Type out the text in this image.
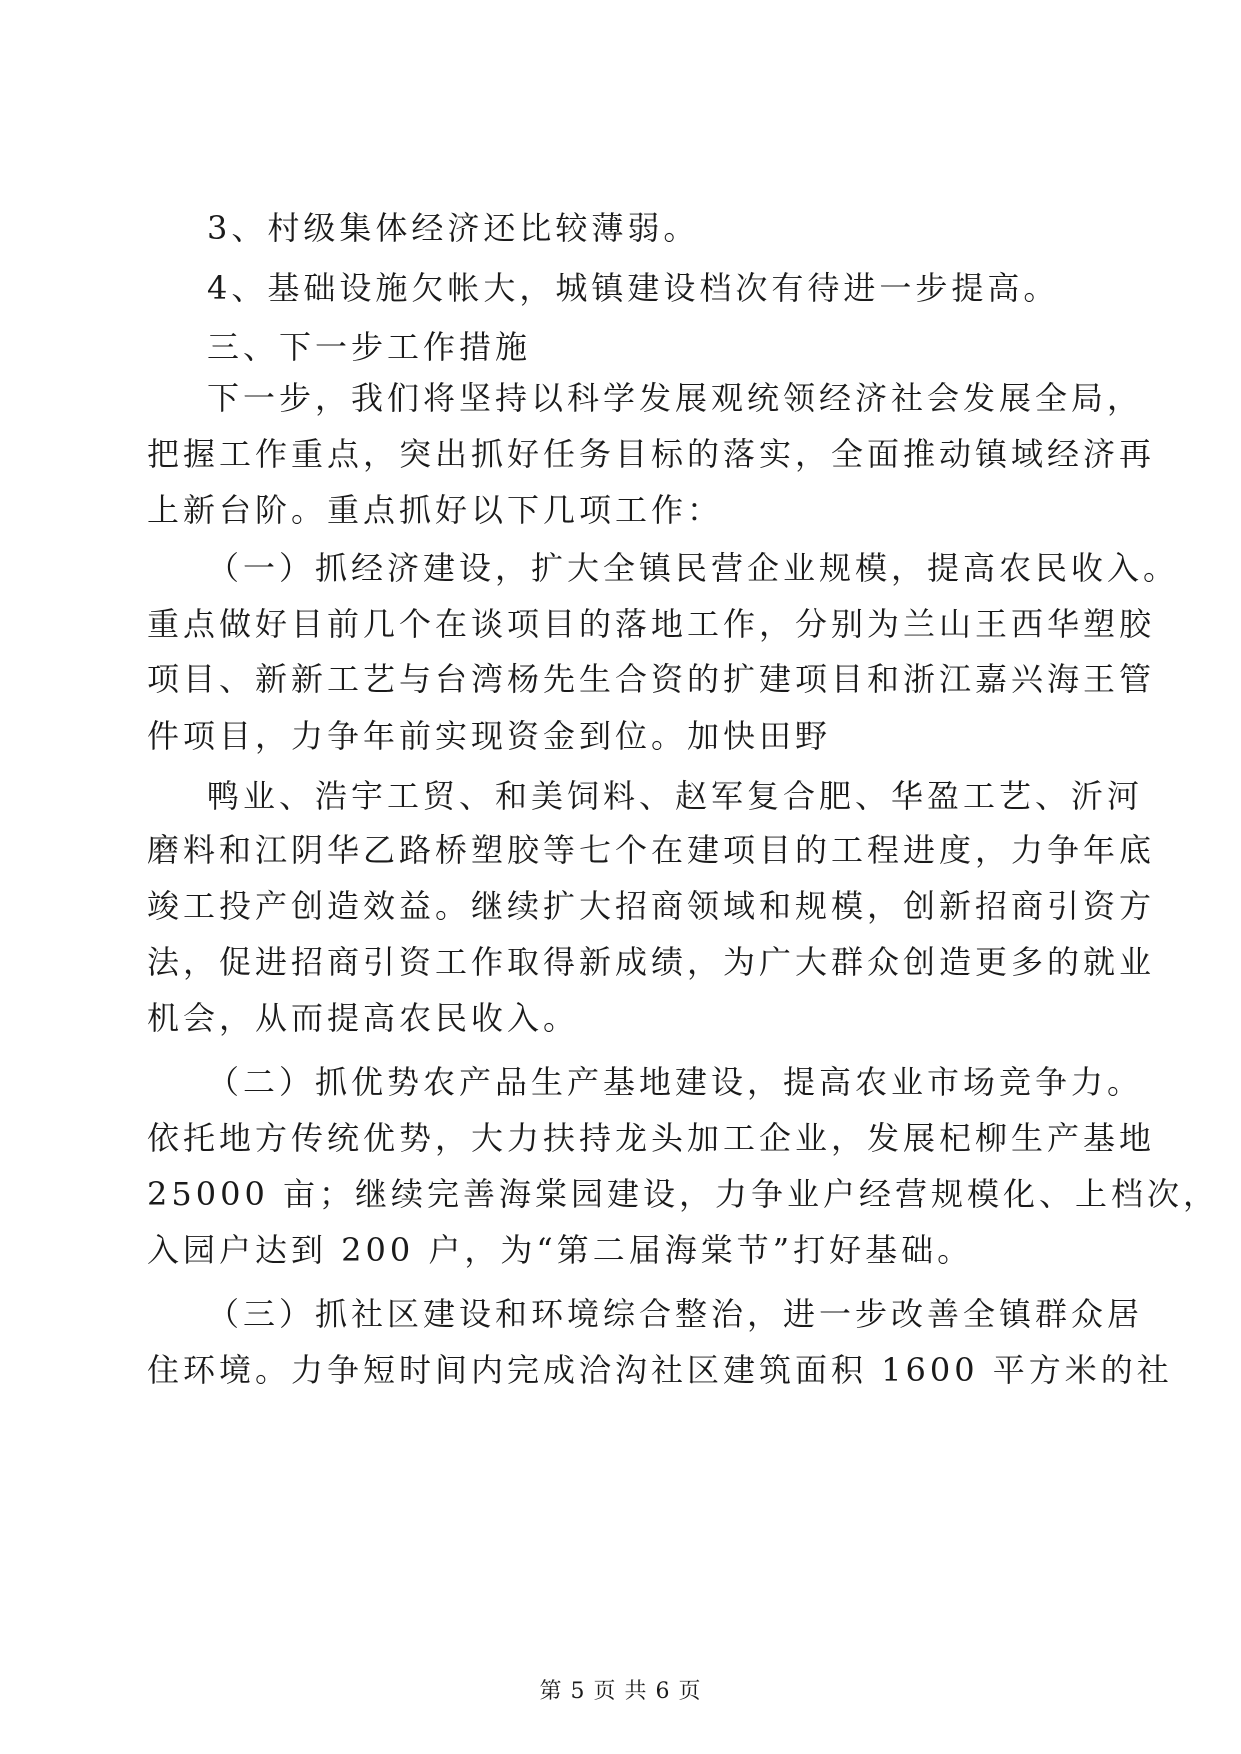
3、村级集体经济还比较薄弱。

4、基础设施欠帐大，城镇建设档次有待进一步提高。

三、下一步工作措施

下一步，我们将坚持以科学发展观统领经济社会发展全局，

把握工作重点，突出抓好任务目标的落实，全面推动镇域经济再

上新台阶。重点抓好以下几项工作：

（一）抓经济建设，扩大全镇民营企业规模，提高农民收入。

重点做好目前几个在谈项目的落地工作，分别为兰山王西华塑胶

项目、新新工艺与台湾杨先生合资的扩建项目和浙江嘉兴海王管

件项目，力争年前实现资金到位。加快田野

鸭业、浩宇工贸、和美饲料、赵军复合肥、华盈工艺、沂河

磨料和江阴华乙路桥塑胶等七个在建项目的工程进度，力争年底

竣工投产创造效益。继续扩大招商领域和规模，创新招商引资方

法，促进招商引资工作取得新成绩，为广大群众创造更多的就业

机会，从而提高农民收入。

（二）抓优势农产品生产基地建设，提高农业市场竞争力。

依托地方传统优势，大力扶持龙头加工企业，发展杞柳生产基地

25000 亩；继续完善海棠园建设，力争业户经营规模化、上档次，

入园户达到 200 户，为“第二届海棠节”打好基础。

（三）抓社区建设和环境综合整治，进一步改善全镇群众居

住环境。力争短时间内完成洽沟社区建筑面积 1600 平方米的社

第 5 页 共 6 页
